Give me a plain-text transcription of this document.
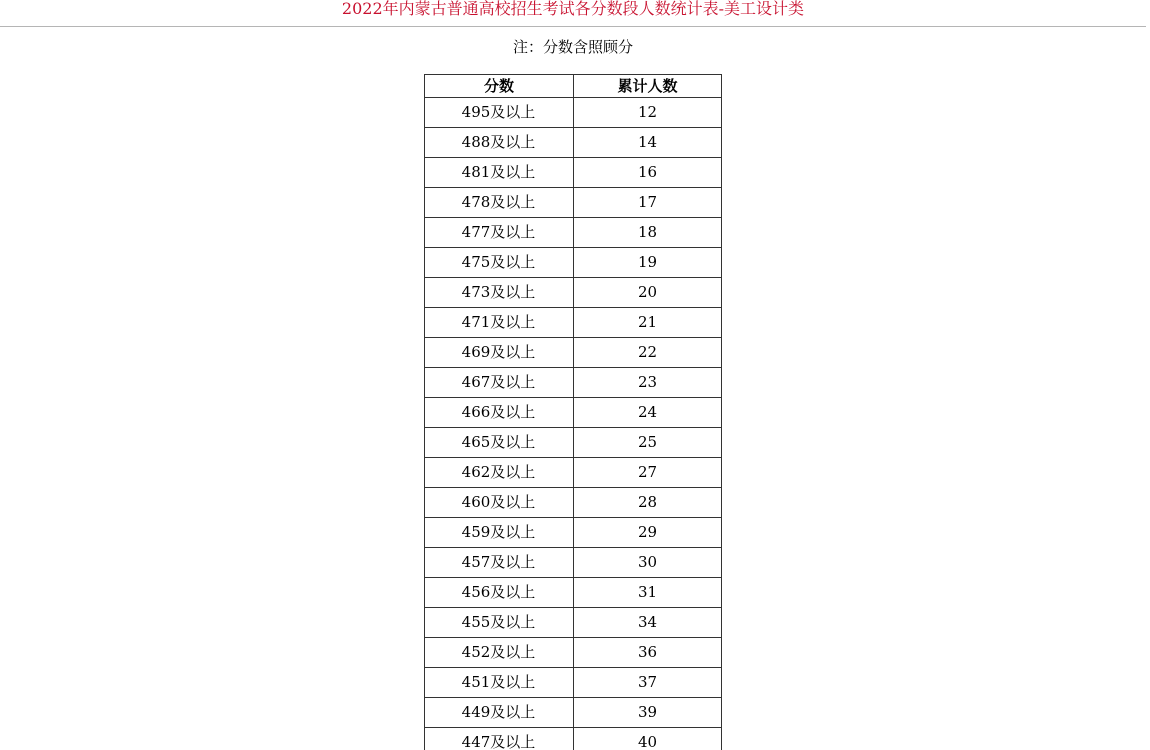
2022年内蒙古普通高校招生考试各分数段人数统计表-美工设计类
注：分数含照顾分
分数	累计人数
495及以上	12
488及以上	14
481及以上	16
478及以上	17
477及以上	18
475及以上	19
473及以上	20
471及以上	21
469及以上	22
467及以上	23
466及以上	24
465及以上	25
462及以上	27
460及以上	28
459及以上	29
457及以上	30
456及以上	31
455及以上	34
452及以上	36
451及以上	37
449及以上	39
447及以上	40
